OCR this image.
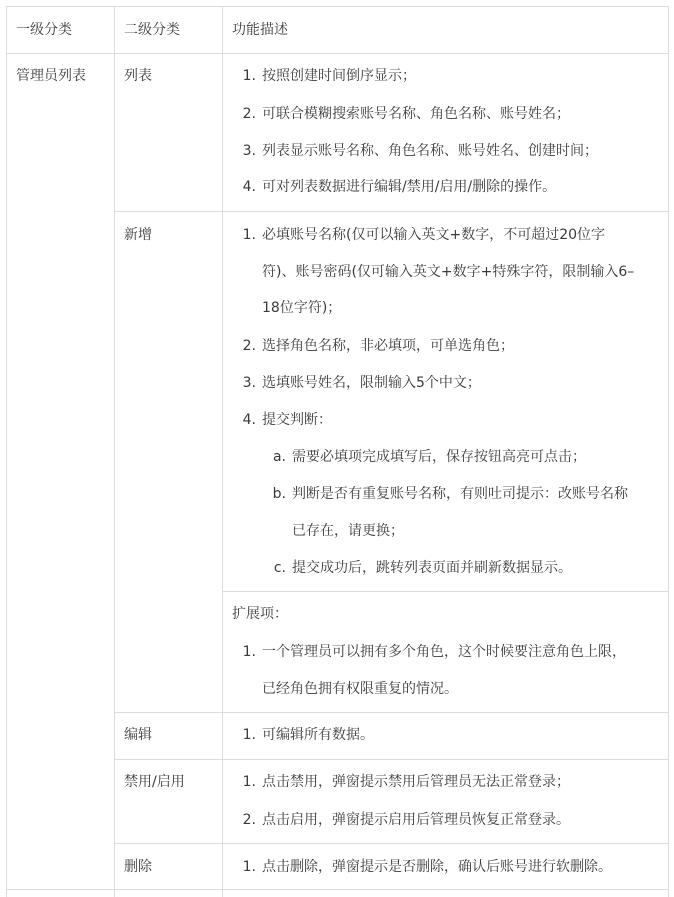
一级分类	二级分类	功能描述
管理员列表	列表	1. 按照创建时间倒序显示；
2. 可联合模糊搜索账号名称、角色名称、账号姓名；
3. 列表显示账号名称、角色名称、账号姓名、创建时间；
4. 可对列表数据进行编辑/禁用/启用/删除的操作。
新增	1. 必填账号名称(仅可以输入英文+数字，不可超过20位字
符)、账号密码(仅可输入英文+数字+特殊字符，限制输入6–
18位字符)；
2. 选择角色名称，非必填项，可单选角色；
3. 选填账号姓名，限制输入5个中文；
4. 提交判断：
a. 需要必填项完成填写后，保存按钮高亮可点击；
b. 判断是否有重复账号名称，有则吐司提示：改账号名称
已存在，请更换；
c. 提交成功后，跳转列表页面并刷新数据显示。
扩展项：
1. 一个管理员可以拥有多个角色，这个时候要注意角色上限，
已经角色拥有权限重复的情况。
编辑	1. 可编辑所有数据。
禁用/启用	1. 点击禁用，弹窗提示禁用后管理员无法正常登录；
2. 点击启用，弹窗提示启用后管理员恢复正常登录。
删除	1. 点击删除，弹窗提示是否删除，确认后账号进行软删除。
